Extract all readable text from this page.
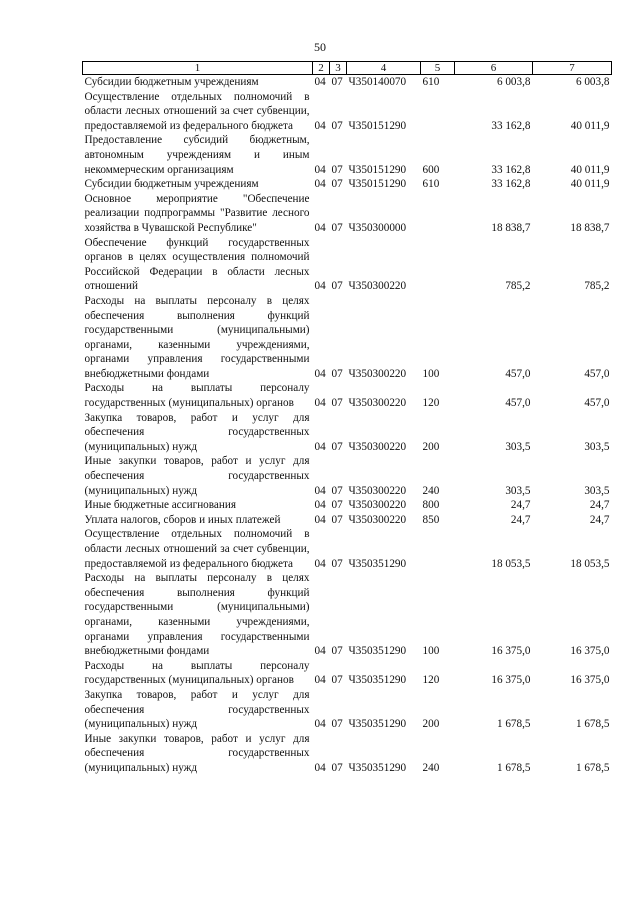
50
1	2	3	4	5	6	7
Субсидии бюджетным учреждениям	04	07	Ч350140070	610	6 003,8	6 003,8
Осуществление отдельных полномочий в области лесных отношений за счет субвенции, предоставляемой из федерального бюджета	04	07	Ч350151290		33 162,8	40 011,9
Предоставление субсидий бюджетным, автономным учреждениям и иным некоммерческим организациям	04	07	Ч350151290	600	33 162,8	40 011,9
Субсидии бюджетным учреждениям	04	07	Ч350151290	610	33 162,8	40 011,9
Основное мероприятие "Обеспечение реализации подпрограммы "Развитие лесного хозяйства в Чувашской Республике"	04	07	Ч350300000		18 838,7	18 838,7
Обеспечение функций государственных органов в целях осуществления полномочий Российской Федерации в области лесных отношений	04	07	Ч350300220		785,2	785,2
Расходы на выплаты персоналу в целях обеспечения выполнения функций государственными (муниципальными) органами, казенными учреждениями, органами управления государственными внебюджетными фондами	04	07	Ч350300220	100	457,0	457,0
Расходы на выплаты персоналу государственных (муниципальных) органов	04	07	Ч350300220	120	457,0	457,0
Закупка товаров, работ и услуг для обеспечения государственных (муниципальных) нужд	04	07	Ч350300220	200	303,5	303,5
Иные закупки товаров, работ и услуг для обеспечения государственных (муниципальных) нужд	04	07	Ч350300220	240	303,5	303,5
Иные бюджетные ассигнования	04	07	Ч350300220	800	24,7	24,7
Уплата налогов, сборов и иных платежей	04	07	Ч350300220	850	24,7	24,7
Осуществление отдельных полномочий в области лесных отношений за счет субвенции, предоставляемой из федерального бюджета	04	07	Ч350351290		18 053,5	18 053,5
Расходы на выплаты персоналу в целях обеспечения выполнения функций государственными (муниципальными) органами, казенными учреждениями, органами управления государственными внебюджетными фондами	04	07	Ч350351290	100	16 375,0	16 375,0
Расходы на выплаты персоналу государственных (муниципальных) органов	04	07	Ч350351290	120	16 375,0	16 375,0
Закупка товаров, работ и услуг для обеспечения государственных (муниципальных) нужд	04	07	Ч350351290	200	1 678,5	1 678,5
Иные закупки товаров, работ и услуг для обеспечения государственных (муниципальных) нужд	04	07	Ч350351290	240	1 678,5	1 678,5
